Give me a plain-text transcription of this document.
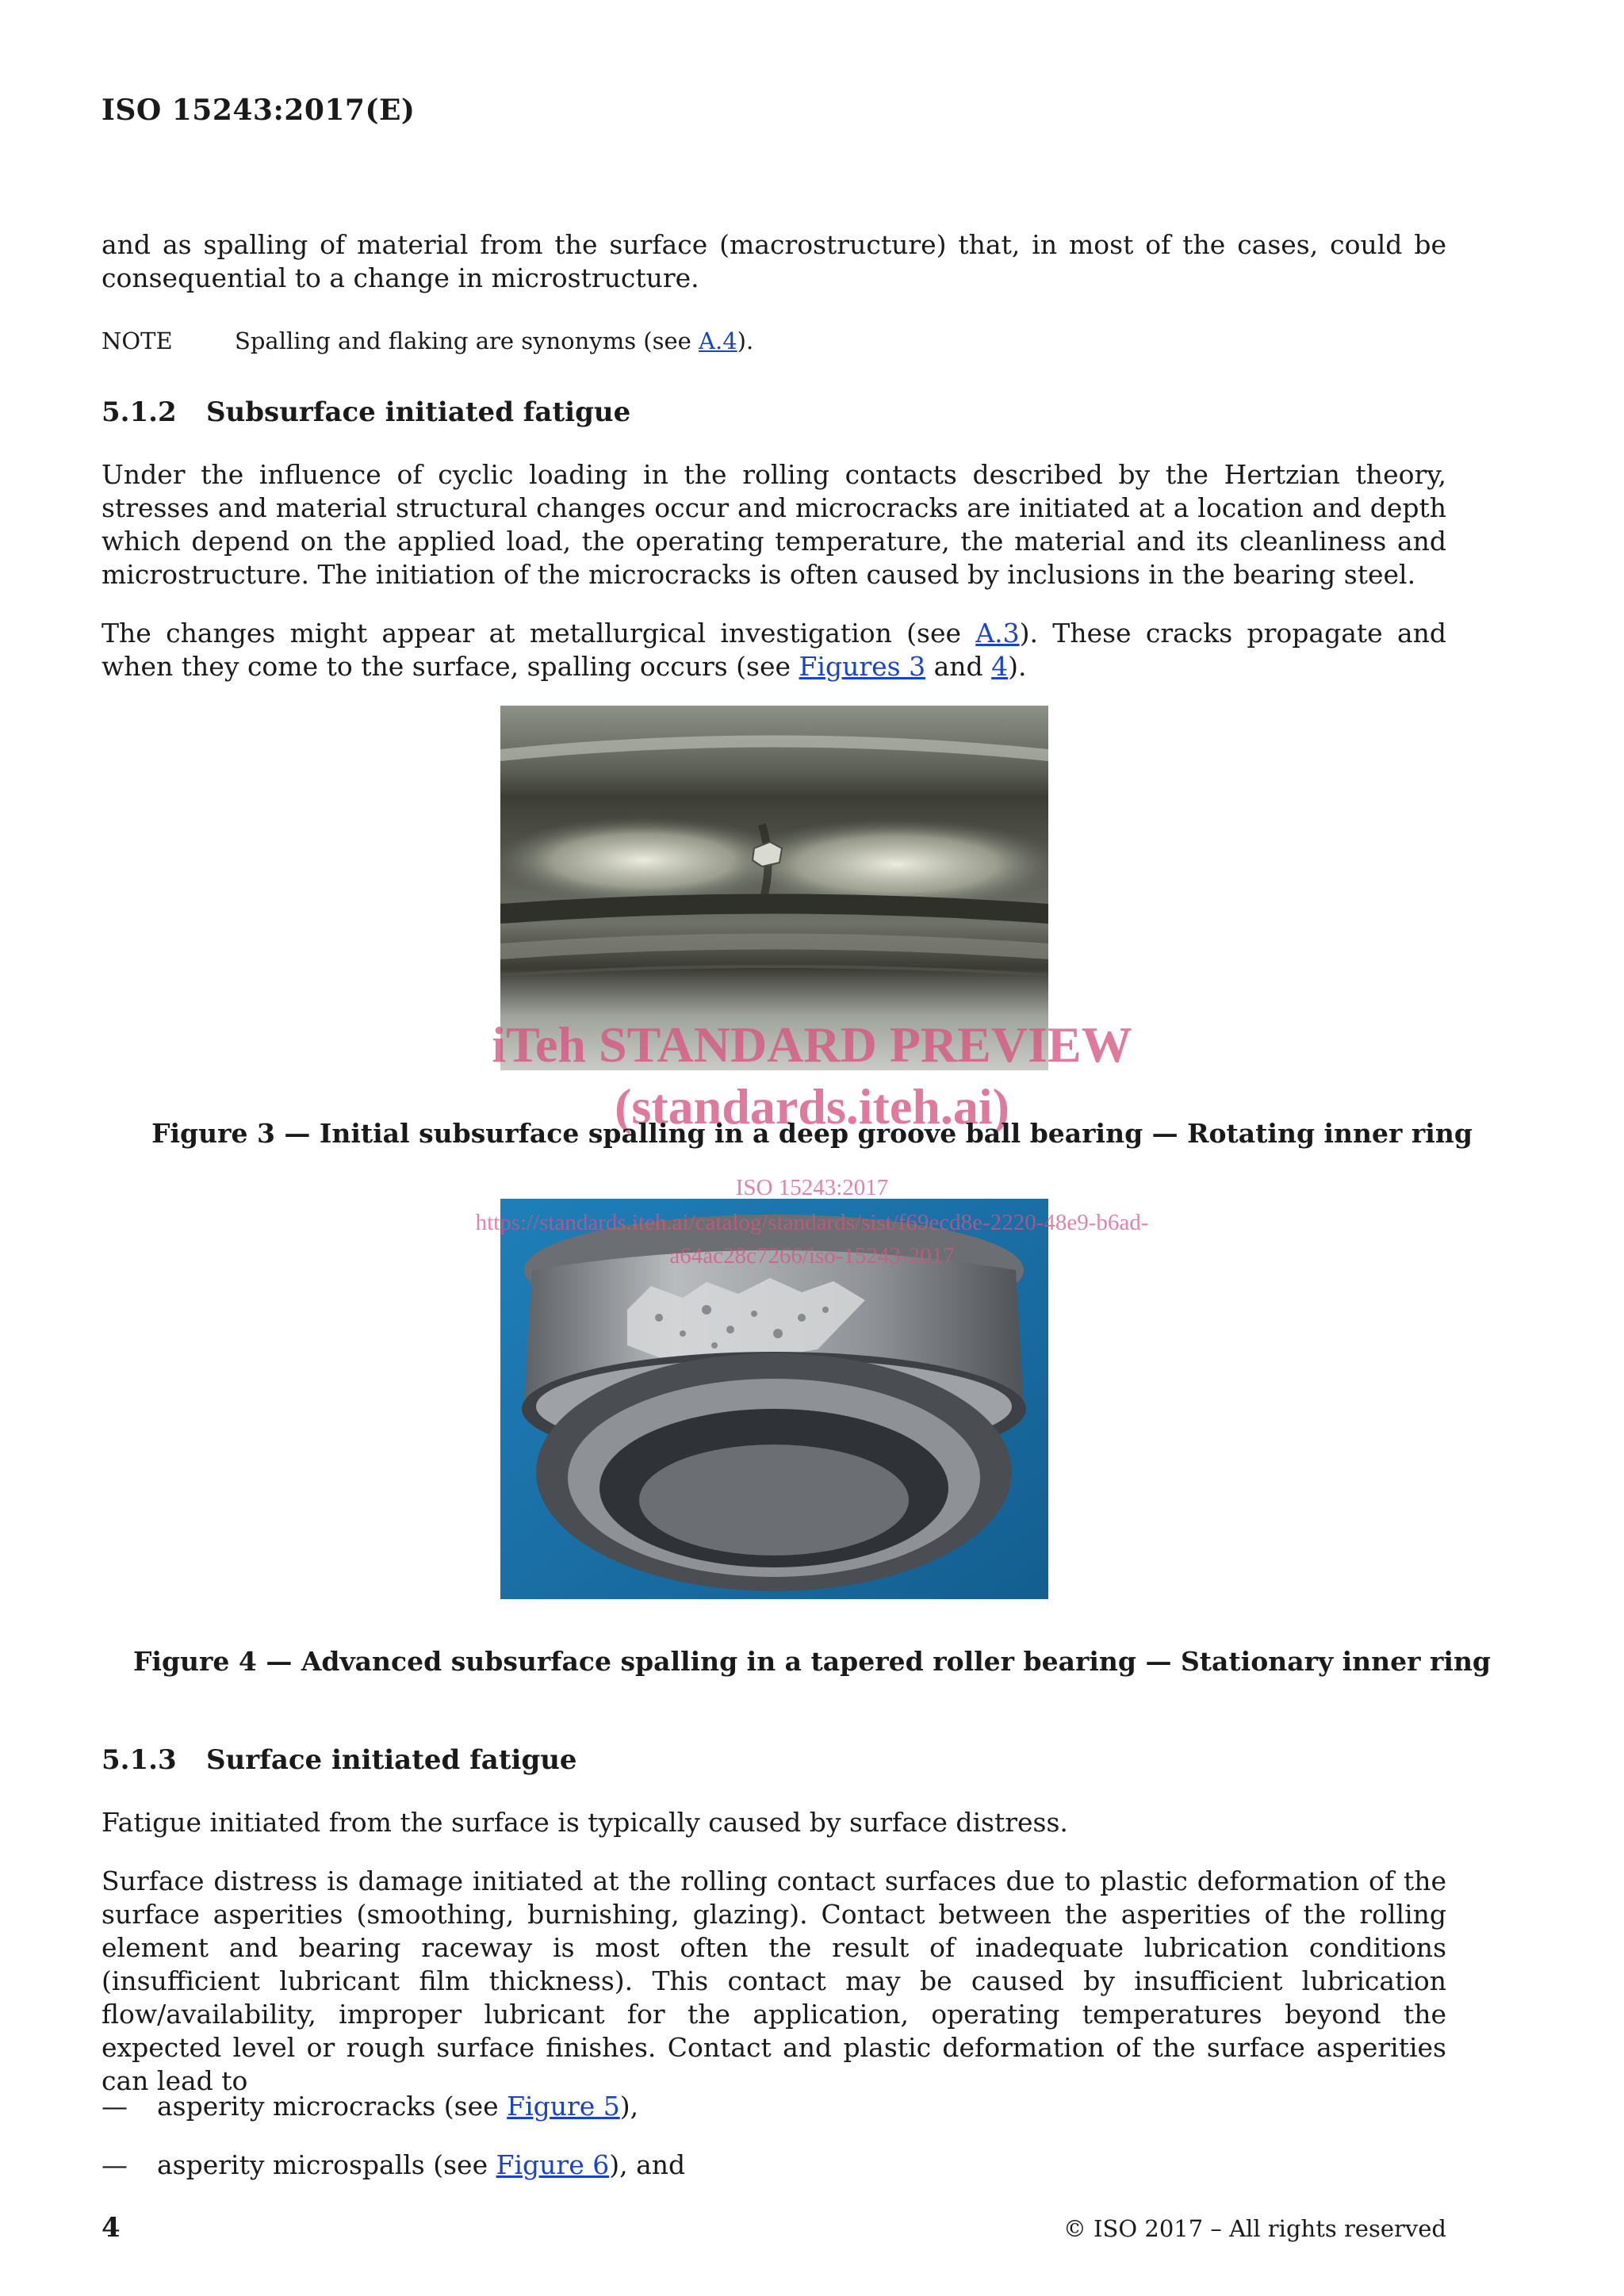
ISO 15243:2017(E)
and as spalling of material from the surface (macrostructure) that, in most of the cases, could be consequential to a change in microstructure.
NOTE	Spalling and flaking are synonyms (see A.4).
5.1.2 Subsurface initiated fatigue
Under the influence of cyclic loading in the rolling contacts described by the Hertzian theory, stresses and material structural changes occur and microcracks are initiated at a location and depth which depend on the applied load, the operating temperature, the material and its cleanliness and microstructure. The initiation of the microcracks is often caused by inclusions in the bearing steel.
The changes might appear at metallurgical investigation (see A.3). These cracks propagate and when they come to the surface, spalling occurs (see Figures 3 and 4).
iTeh STANDARD PREVIEW
(standards.iteh.ai)
Figure 3 — Initial subsurface spalling in a deep groove ball bearing — Rotating inner ring
ISO 15243:2017
https://standards.iteh.ai/catalog/standards/sist/f69ecd8e-2220-48e9-b6ad-
a64ac28c7266/iso-15243-2017
Figure 4 — Advanced subsurface spalling in a tapered roller bearing — Stationary inner ring
5.1.3 Surface initiated fatigue
Fatigue initiated from the surface is typically caused by surface distress.
Surface distress is damage initiated at the rolling contact surfaces due to plastic deformation of the surface asperities (smoothing, burnishing, glazing). Contact between the asperities of the rolling element and bearing raceway is most often the result of inadequate lubrication conditions (insufficient lubricant film thickness). This contact may be caused by insufficient lubrication flow/availability, improper lubricant for the application, operating temperatures beyond the expected level or rough surface finishes. Contact and plastic deformation of the surface asperities can lead to
— asperity microcracks (see Figure 5),
— asperity microspalls (see Figure 6), and
4	© ISO 2017 – All rights reserved
